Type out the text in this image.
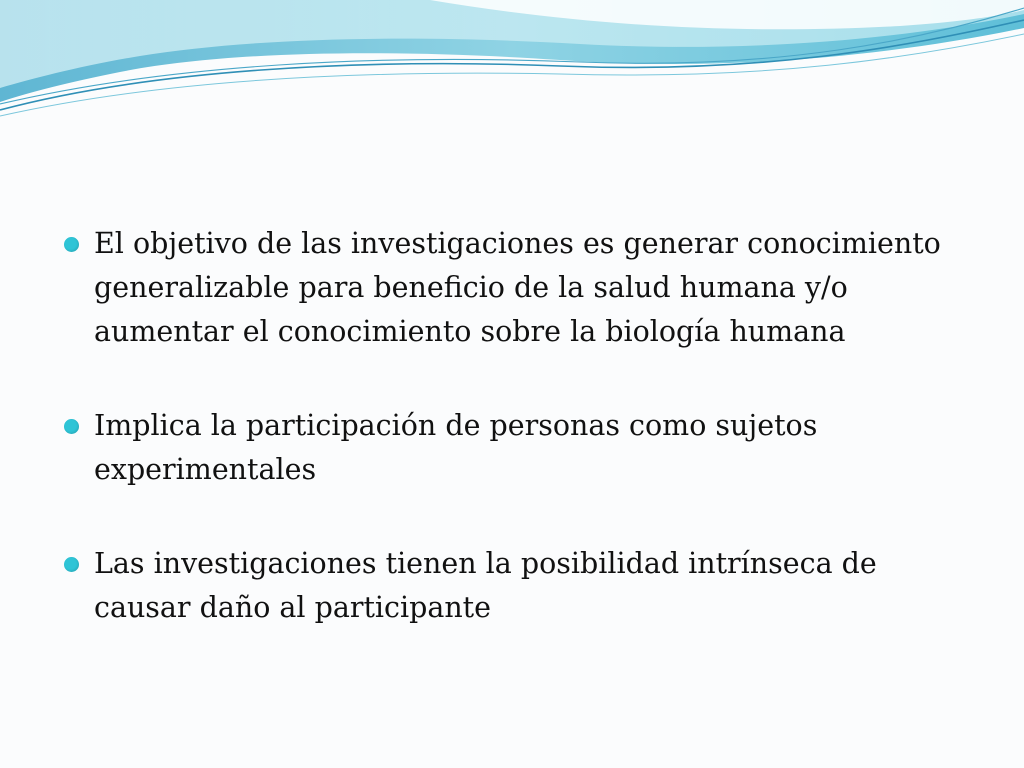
El objetivo de las investigaciones es generar conocimiento generalizable para beneficio de la salud humana y/o aumentar el conocimiento sobre la biología humana
Implica la participación de personas como sujetos experimentales
Las investigaciones tienen la posibilidad intrínseca de causar daño al participante
